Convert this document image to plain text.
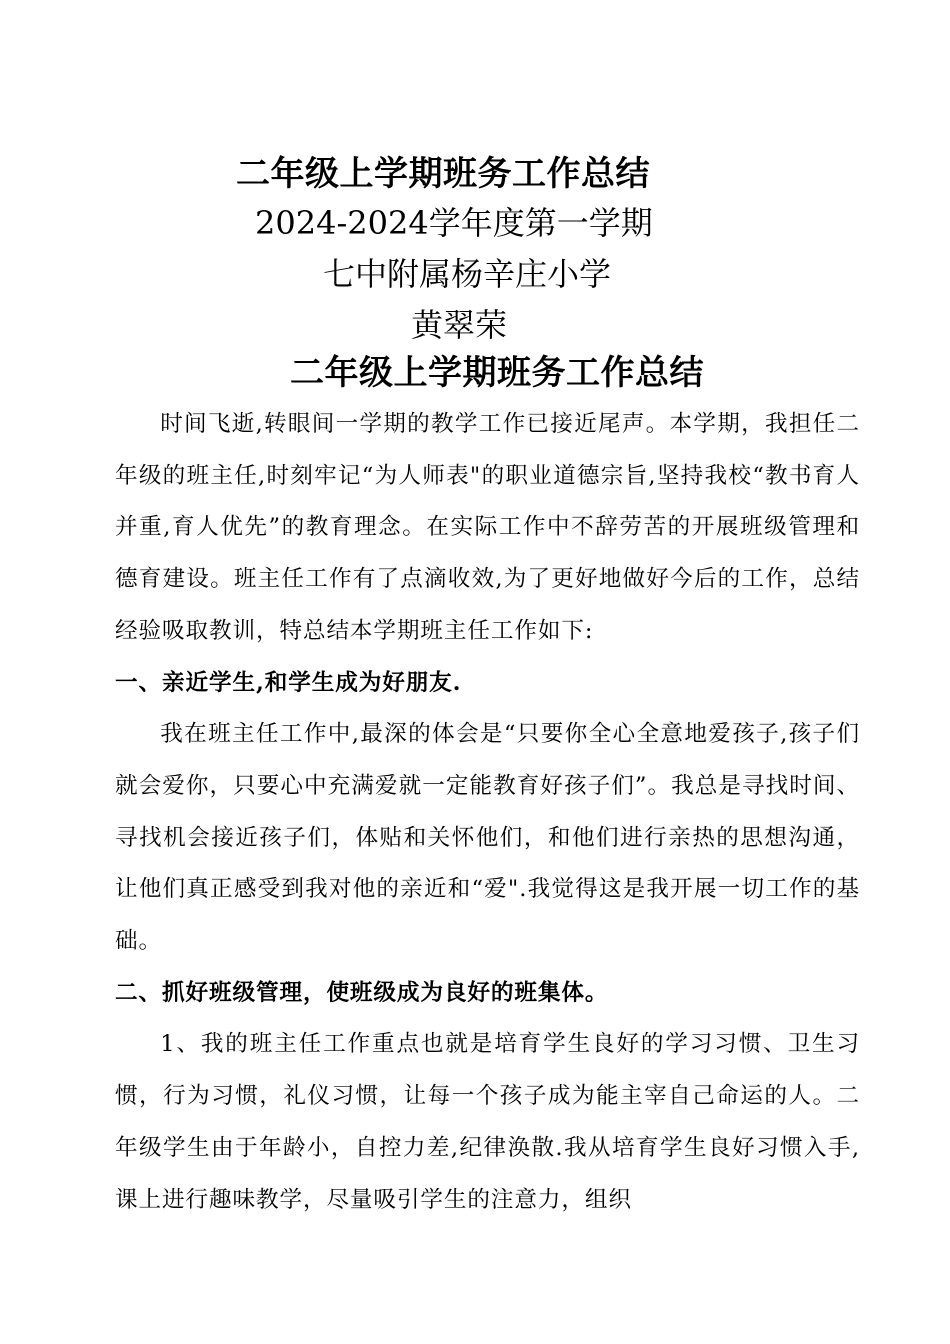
二年级上学期班务工作总结
2024-2024学年度第一学期
七中附属杨辛庄小学
黄翠荣
二年级上学期班务工作总结

时间飞逝,转眼间一学期的教学工作已接近尾声。本学期，我担任二年级的班主任,时刻牢记“为人师表"的职业道德宗旨,坚持我校“教书育人并重,育人优先”的教育理念。在实际工作中不辞劳苦的开展班级管理和德育建设。班主任工作有了点滴收效,为了更好地做好今后的工作，总结经验吸取教训，特总结本学期班主任工作如下:

一、亲近学生,和学生成为好朋友.

我在班主任工作中,最深的体会是“只要你全心全意地爱孩子,孩子们就会爱你，只要心中充满爱就一定能教育好孩子们”。我总是寻找时间、寻找机会接近孩子们，体贴和关怀他们，和他们进行亲热的思想沟通，让他们真正感受到我对他的亲近和“爱".我觉得这是我开展一切工作的基础。

二、抓好班级管理，使班级成为良好的班集体。

1、我的班主任工作重点也就是培育学生良好的学习习惯、卫生习惯，行为习惯，礼仪习惯，让每一个孩子成为能主宰自己命运的人。二年级学生由于年龄小，自控力差,纪律涣散.我从培育学生良好习惯入手,课上进行趣味教学，尽量吸引学生的注意力，组织
